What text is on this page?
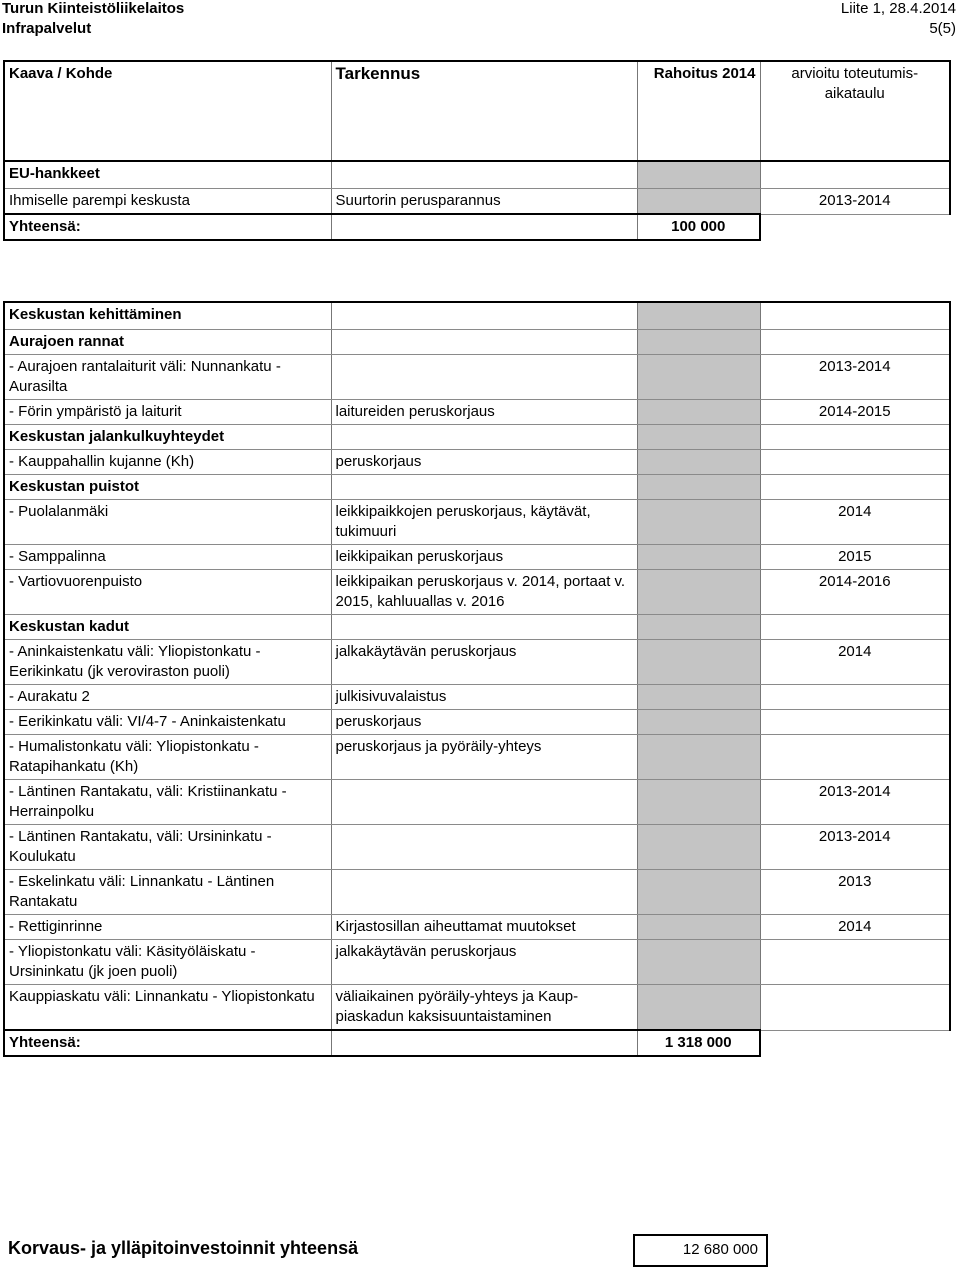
Turun Kiinteistöliikelaitos
Infrapalvelut
Liite 1, 28.4.2014
5(5)
Kaava / Kohde	Tarkennus	Rahoitus 2014	arvioitu toteutumis-
aikataulu

EU-hankkeet			
Ihmiselle parempi keskusta	Suurtorin perusparannus		2013-2014
Yhteensä:		100 000	

Keskustan kehittäminen			
Aurajoen rannat			
- Aurajoen rantalaiturit väli: Nunnankatu - Aurasilta			2013-2014
- Förin ympäristö ja laiturit	laitureiden peruskorjaus		2014-2015
Keskustan jalankulkuyhteydet			
- Kauppahallin kujanne (Kh)	peruskorjaus		
Keskustan puistot			
- Puolalanmäki	leikkipaikkojen peruskorjaus, käytävät, tukimuuri		2014
- Samppalinna	leikkipaikan peruskorjaus		2015
- Vartiovuorenpuisto	leikkipaikan peruskorjaus v. 2014, portaat v. 2015, kahluuallas v. 2016		2014-2016
Keskustan kadut			
- Aninkaistenkatu väli: Yliopistonkatu - Eerikinkatu (jk veroviraston puoli)	jalkakäytävän peruskorjaus		2014
- Aurakatu 2	julkisivuvalaistus		
- Eerikinkatu väli: VI/4-7 - Aninkaistenkatu	peruskorjaus		
- Humalistonkatu väli: Yliopistonkatu - Ratapihankatu (Kh)	peruskorjaus ja pyöräily-yhteys		
- Läntinen Rantakatu, väli: Kristiinankatu - Herrainpolku			2013-2014
- Läntinen Rantakatu, väli: Ursininkatu - Koulukatu			2013-2014
- Eskelinkatu väli: Linnankatu - Läntinen Rantakatu			2013
- Rettiginrinne	Kirjastosillan aiheuttamat muutokset		2014
- Yliopistonkatu väli: Käsityöläiskatu - Ursininkatu (jk joen puoli)	jalkakäytävän peruskorjaus		
Kauppiaskatu väli: Linnankatu - Yliopistonkatu	väliaikainen pyöräily-yhteys ja Kaup-piaskadun kaksisuuntaistaminen		
Yhteensä:		1 318 000	
Korvaus- ja ylläpitoinvestoinnit yhteensä	12 680 000
